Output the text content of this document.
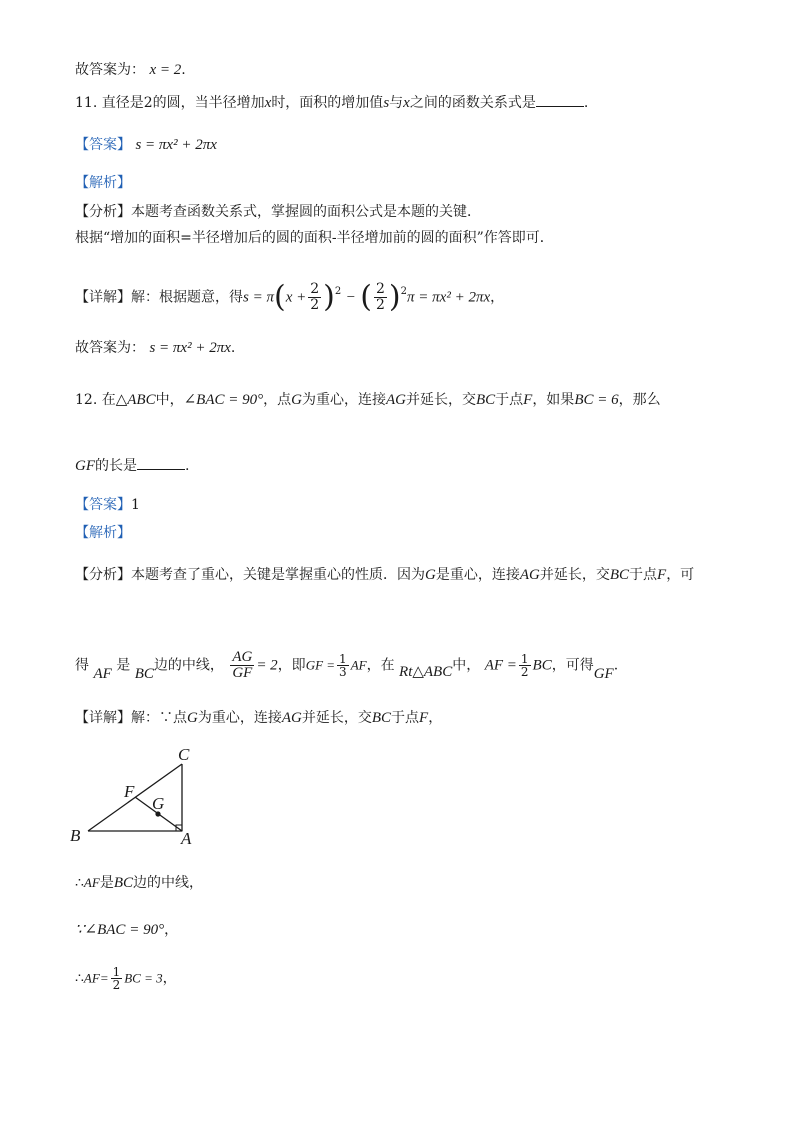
故答案为： x = 2.
11. 直径是2的圆，当半径增加x时，面积的增加值s与x之间的函数关系式是	.
【答案】 s = πx² + 2πx
【解析】
【分析】本题考查函数关系式，掌握圆的面积公式是本题的关键．
根据“增加的面积=半径增加后的圆的面积-半径增加前的圆的面积”作答即可．
【详解】解：根据题意，得$s = \pi(x + \frac{2}{2} )^2$ − ( $\frac{2}{2} )^2\pi = \pi x^2 + 2\pi x$，
故答案为： s = πx² + 2πx.
12. 在△ABC中，∠BAC = 90°，点G为重心，连接AG并延长，交BC于点F，如果BC = 6，那么
GF的长是	.
【答案】1
【解析】
【分析】本题考查了重心，关键是掌握重心的性质．因为G是重心，连接AG并延长，交BC于点F，可
得 AF 是 BC边的中线， $\frac{AG}{GF} = 2$，即GF = $\frac{1}{3}$ AF，在 Rt△ABC中， AF = $\frac{1}{2}$ BC，可得GF.
【详解】解：∵点G为重心，连接AG并延长，交BC于点F，
C
B	A
F
G
∴AF是BC边的中线，
∵∠BAC = 90°，
∴AF= $\frac{1}{2}$ BC = 3，
